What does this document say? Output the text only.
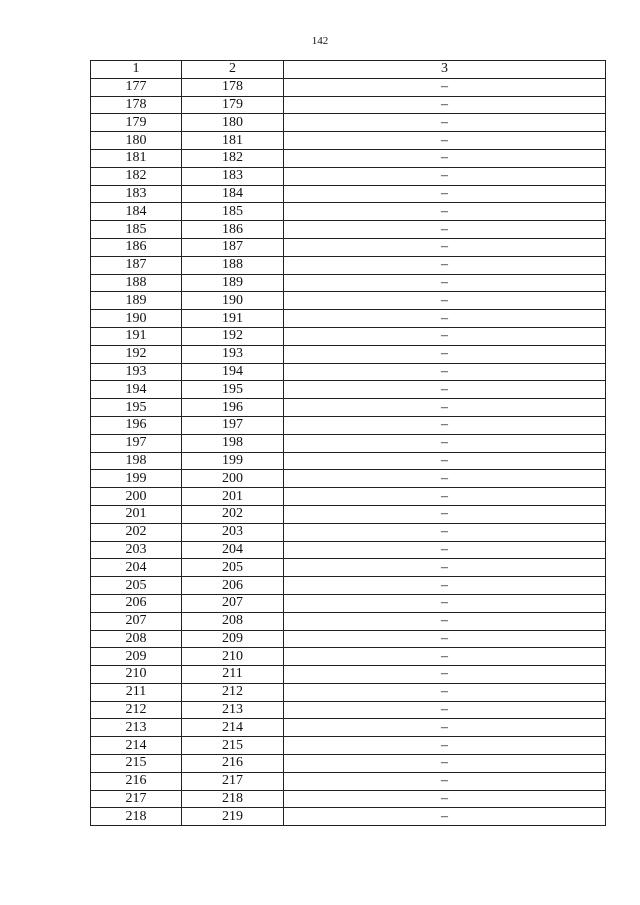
142
1	2	3
177	178	–
178	179	–
179	180	–
180	181	–
181	182	–
182	183	–
183	184	–
184	185	–
185	186	–
186	187	–
187	188	–
188	189	–
189	190	–
190	191	–
191	192	–
192	193	–
193	194	–
194	195	–
195	196	–
196	197	–
197	198	–
198	199	–
199	200	–
200	201	–
201	202	–
202	203	–
203	204	–
204	205	–
205	206	–
206	207	–
207	208	–
208	209	–
209	210	–
210	211	–
211	212	–
212	213	–
213	214	–
214	215	–
215	216	–
216	217	–
217	218	–
218	219	–
